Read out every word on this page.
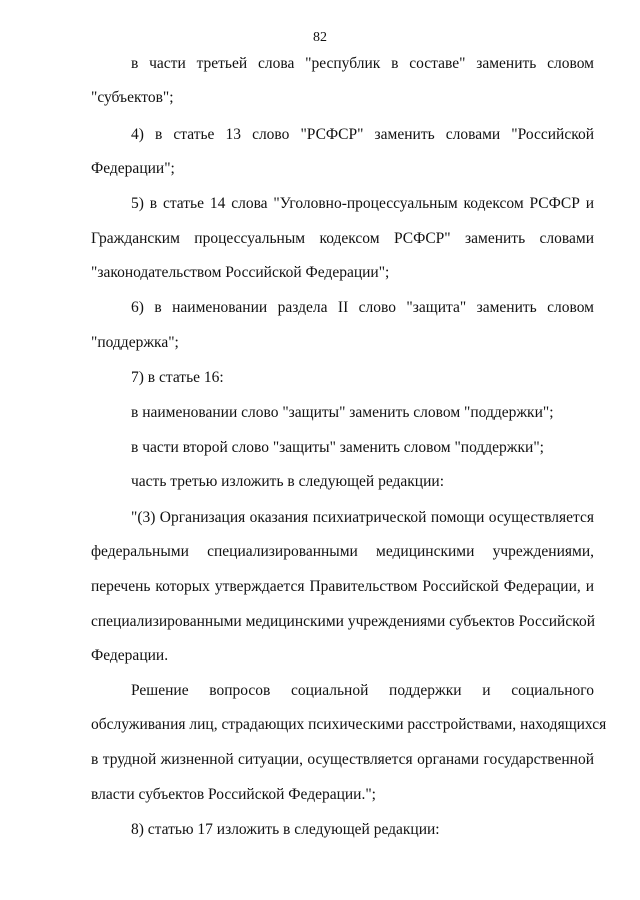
82
в части третьей слова "республик в составе" заменить словом
"субъектов";
4) в статье 13 слово "РСФСР" заменить словами "Российской
Федерации";
5) в статье 14 слова "Уголовно-процессуальным кодексом РСФСР и
Гражданским процессуальным кодексом РСФСР" заменить словами
"законодательством Российской Федерации";
6) в наименовании раздела II слово "защита" заменить словом
"поддержка";
7) в статье 16:
в наименовании слово "защиты" заменить словом "поддержки";
в части второй слово "защиты" заменить словом "поддержки";
часть третью изложить в следующей редакции:
"(3) Организация оказания психиатрической помощи осуществляется
федеральными специализированными медицинскими учреждениями,
перечень которых утверждается Правительством Российской Федерации, и
специализированными медицинскими учреждениями субъектов Российской
Федерации.
Решение вопросов социальной поддержки и социального
обслуживания лиц, страдающих психическими расстройствами, находящихся
в трудной жизненной ситуации, осуществляется органами государственной
власти субъектов Российской Федерации.";
8) статью 17 изложить в следующей редакции:
